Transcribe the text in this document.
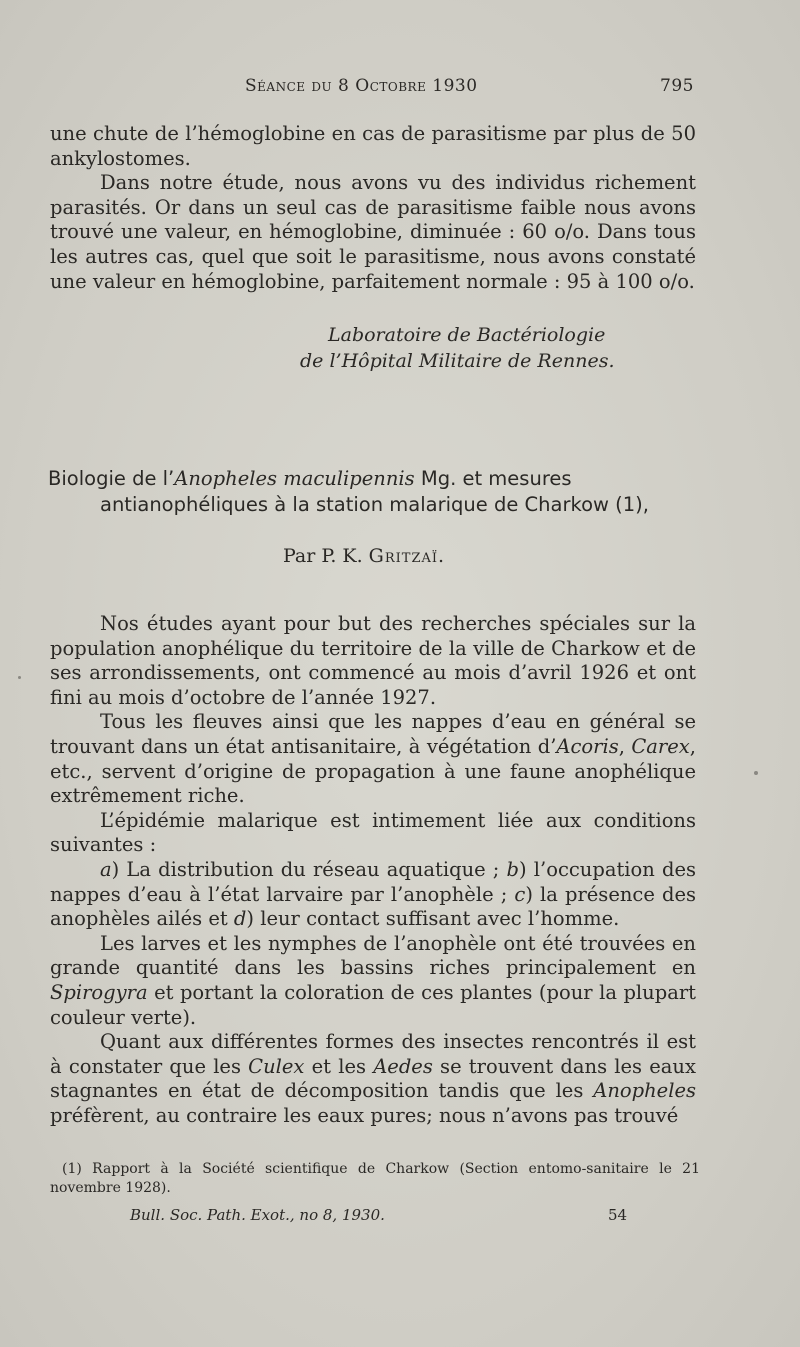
Séance du 8 Octobre 1930	795

une chute de l’hémoglobine en cas de parasitisme par plus de 50 ankylostomes.

Dans notre étude, nous avons vu des individus richement parasités. Or dans un seul cas de parasitisme faible nous avons trouvé une valeur, en hémoglobine, diminuée : 60 o/o. Dans tous les autres cas, quel que soit le parasitisme, nous avons constaté une valeur en hémoglobine, parfaitement normale : 95 à 100 o/o.

Laboratoire de Bactériologie
de l’Hôpital Militaire de Rennes.
Biologie de l’Anopheles maculipennis Mg. et mesures
antianophéliques à la station malarique de Charkow (1),
Par P. K. Gritzaï.

Nos études ayant pour but des recherches spéciales sur la population anophélique du territoire de la ville de Charkow et de ses arrondissements, ont commencé au mois d’avril 1926 et ont fini au mois d’octobre de l’année 1927.

Tous les fleuves ainsi que les nappes d’eau en général se trouvant dans un état antisanitaire, à végétation d’Acoris, Carex, etc., servent d’origine de propagation à une faune anophélique extrêmement riche.

L’épidémie malarique est intimement liée aux conditions suivantes :

a) La distribution du réseau aquatique ; b) l’occupation des nappes d’eau à l’état larvaire par l’anophèle ; c) la présence des anophèles ailés et d) leur contact suffisant avec l’homme.

Les larves et les nymphes de l’anophèle ont été trouvées en grande quantité dans les bassins riches principalement en Spirogyra et portant la coloration de ces plantes (pour la plupart couleur verte).

Quant aux différentes formes des insectes rencontrés il est à constater que les Culex et les Aedes se trouvent dans les eaux stagnantes en état de décomposition tandis que les Anopheles préfèrent, au contraire les eaux pures; nous n’avons pas trouvé

(1) Rapport à la Société scientifique de Charkow (Section entomo-sanitaire le 21 novembre 1928).

Bull. Soc. Path. Exot., no 8, 1930.	54
